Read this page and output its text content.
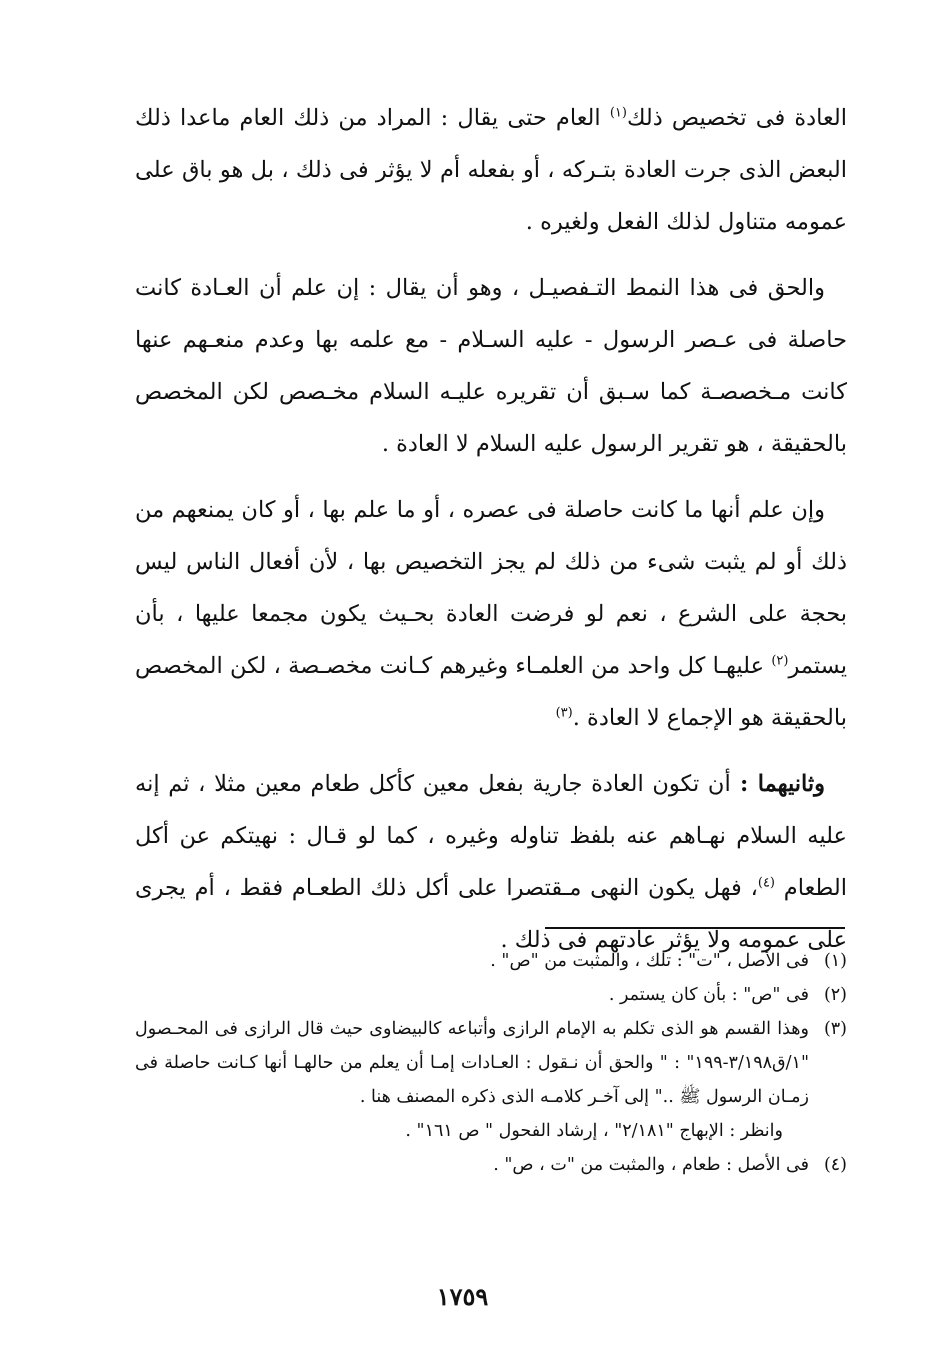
العادة فى تخصيص ذلك$^{(١)}$ العام حتى يقال : المراد من ذلك العام ماعدا ذلك البعض الذى جرت العادة بتـركه ، أو بفعله أم لا يؤثر فى ذلك ، بل هو باق على عمومه متناول لذلك الفعل ولغيره .

والحق فى هذا النمط التـفصيـل ، وهو أن يقال : إن علم أن العـادة كانت حاصلة فى عـصر الرسول - عليه السـلام - مع علمه بها وعدم منعـهم عنها كانت مـخصصـة كما سـبق أن تقريره عليـه السلام مخـصص لكن المخصص بالحقيقة ، هو تقرير الرسول عليه السلام لا العادة .

وإن علم أنها ما كانت حاصلة فى عصره ، أو ما علم بها ، أو كان يمنعهم من ذلك أو لم يثبت شىء من ذلك لم يجز التخصيص بها ، لأن أفعال الناس ليس بحجة على الشرع ، نعم لو فرضت العادة بحـيث يكون مجمعا عليها ، بأن يستمر$^{(٢)}$ عليهـا كل واحد من العلمـاء وغيرهم كـانت مخصـصة ، لكن المخصص بالحقيقة هو الإجماع لا العادة .$^{(٣)}$

وثانيهما : أن تكون العادة جارية بفعل معين كأكل طعام معين مثلا ، ثم إنه عليه السلام نهـاهم عنه بلفظ تناوله وغيره ، كما لو قـال : نهيتكم عن أكل الطعام $^{(٤)}$، فهل يكون النهى مـقتصرا على أكل ذلك الطعـام فقط ، أم يجرى على عمومه ولا يؤثر عادتهم فى ذلك .

(١)
فى الأصل ، "ت" : تلك ، والمثبت من "ص" .
(٢)
فى "ص" : بأن كان يستمر .
(٣)
وهذا القسم هو الذى تكلم به الإمام الرازى وأتباعه كالبيضاوى حيث قال الرازى فى المحـصول "١/ق٣/١٩٨-١٩٩" : " والحق أن نـقول : العـادات إمـا أن يعلم من حالهـا أنها كـانت حاصلة فى زمـان الرسول ﷺ .." إلى آخـر كلامـه الذى ذكره المصنف هنا .
وانظر : الإبهاج "٢/١٨١" ، إرشاد الفحول " ص ١٦١" .
(٤)
فى الأصل : طعام ، والمثبت من "ت ، ص" .
١٧٥٩
